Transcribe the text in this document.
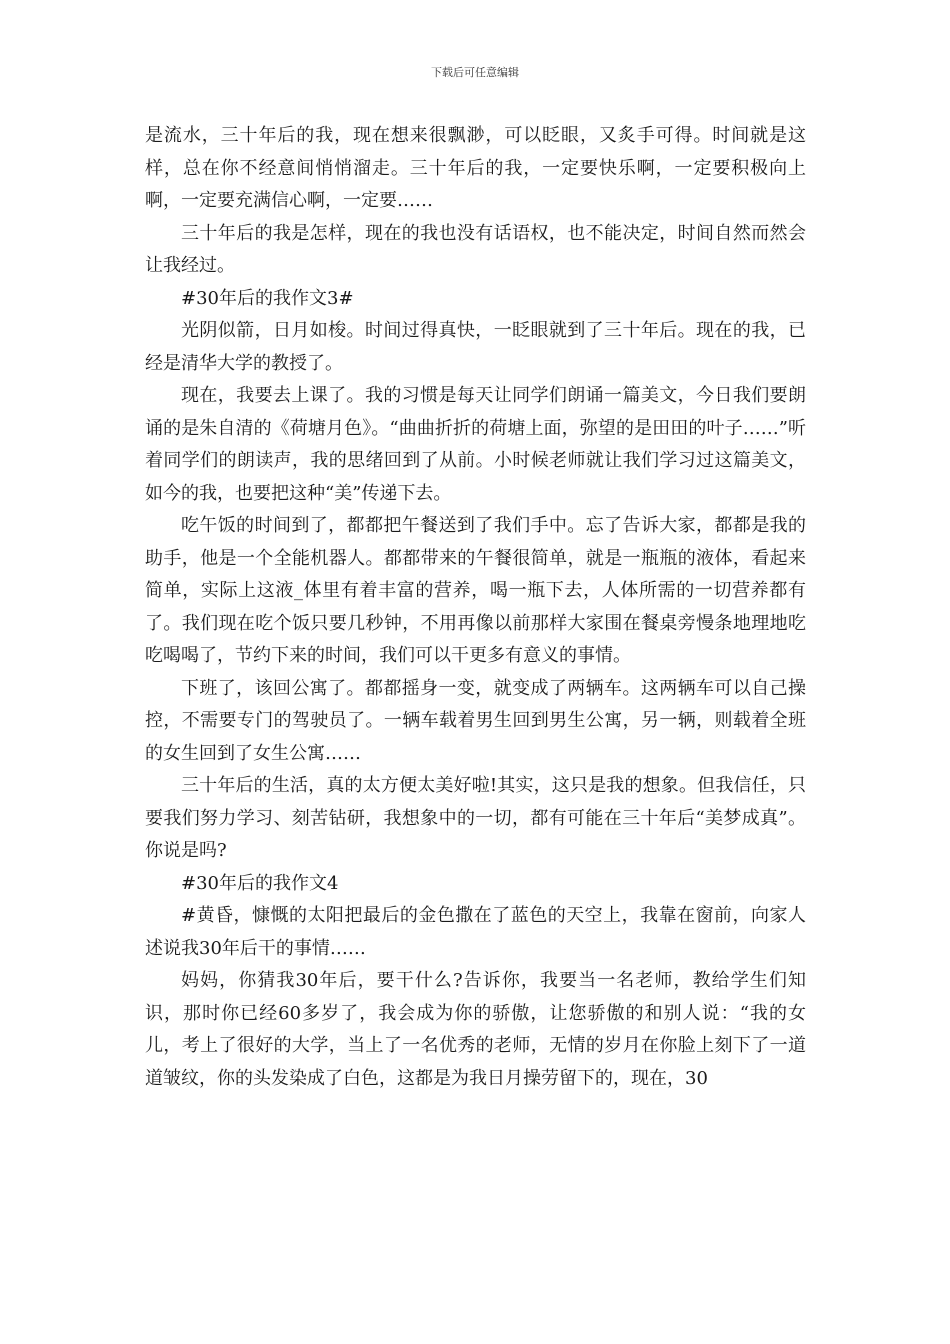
下载后可任意编辑

是流水，三十年后的我，现在想来很飘渺，可以眨眼，又炙手可得。时间就是这样，总在你不经意间悄悄溜走。三十年后的我，一定要快乐啊，一定要积极向上啊，一定要充满信心啊，一定要……

三十年后的我是怎样，现在的我也没有话语权，也不能决定，时间自然而然会让我经过。

#30年后的我作文3#

光阴似箭，日月如梭。时间过得真快，一眨眼就到了三十年后。现在的我，已经是清华大学的教授了。

现在，我要去上课了。我的习惯是每天让同学们朗诵一篇美文，今日我们要朗诵的是朱自清的《荷塘月色》。“曲曲折折的荷塘上面，弥望的是田田的叶子……”听着同学们的朗读声，我的思绪回到了从前。小时候老师就让我们学习过这篇美文，如今的我，也要把这种“美”传递下去。

吃午饭的时间到了，都都把午餐送到了我们手中。忘了告诉大家，都都是我的助手，他是一个全能机器人。都都带来的午餐很简单，就是一瓶瓶的液体，看起来简单，实际上这液_体里有着丰富的营养，喝一瓶下去，人体所需的一切营养都有了。我们现在吃个饭只要几秒钟，不用再像以前那样大家围在餐桌旁慢条地理地吃吃喝喝了，节约下来的时间，我们可以干更多有意义的事情。

下班了，该回公寓了。都都摇身一变，就变成了两辆车。这两辆车可以自己操控，不需要专门的驾驶员了。一辆车载着男生回到男生公寓，另一辆，则载着全班的女生回到了女生公寓……

三十年后的生活，真的太方便太美好啦!其实，这只是我的想象。但我信任，只要我们努力学习、刻苦钻研，我想象中的一切，都有可能在三十年后“美梦成真”。你说是吗?

#30年后的我作文4

#黄昏，慷慨的太阳把最后的金色撒在了蓝色的天空上，我靠在窗前，向家人述说我30年后干的事情……

妈妈，你猜我30年后，要干什么?告诉你，我要当一名老师，教给学生们知识，那时你已经60多岁了，我会成为你的骄傲，让您骄傲的和别人说：“我的女儿，考上了很好的大学，当上了一名优秀的老师，无情的岁月在你脸上刻下了一道道皱纹，你的头发染成了白色，这都是为我日月操劳留下的，现在，30
